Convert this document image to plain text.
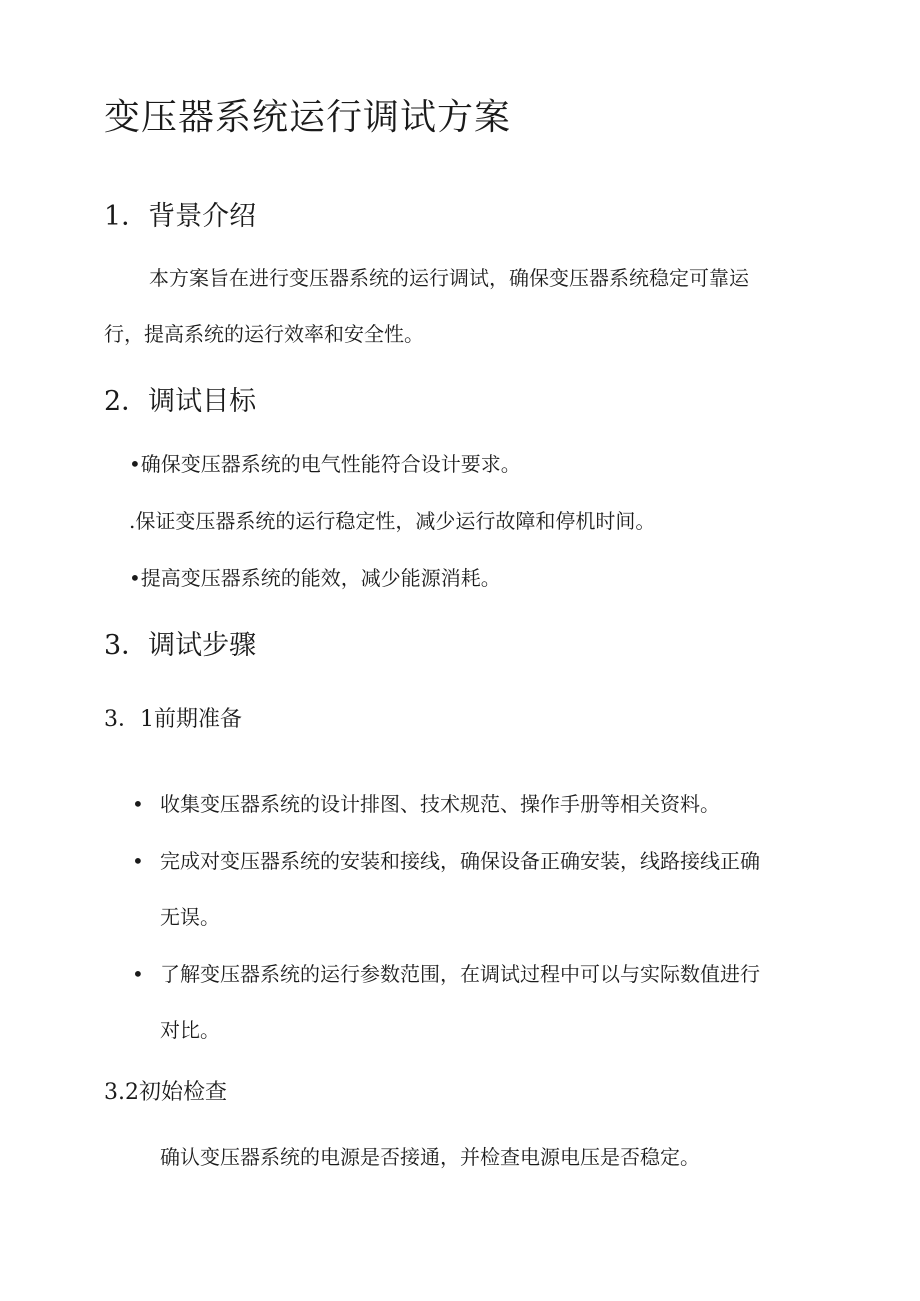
变压器系统运行调试方案
1．背景介绍
本方案旨在进行变压器系统的运行调试，确保变压器系统稳定可靠运
行，提高系统的运行效率和安全性。
2．调试目标
•确保变压器系统的电气性能符合设计要求。
.保证变压器系统的运行稳定性，减少运行故障和停机时间。
•提高变压器系统的能效，减少能源消耗。
3．调试步骤
3．1前期准备
• 收集变压器系统的设计排图、技术规范、操作手册等相关资料。
• 完成对变压器系统的安装和接线，确保设备正确安装，线路接线正确
无误。
• 了解变压器系统的运行参数范围，在调试过程中可以与实际数值进行
对比。
3.2初始检查
确认变压器系统的电源是否接通，并检查电源电压是否稳定。
